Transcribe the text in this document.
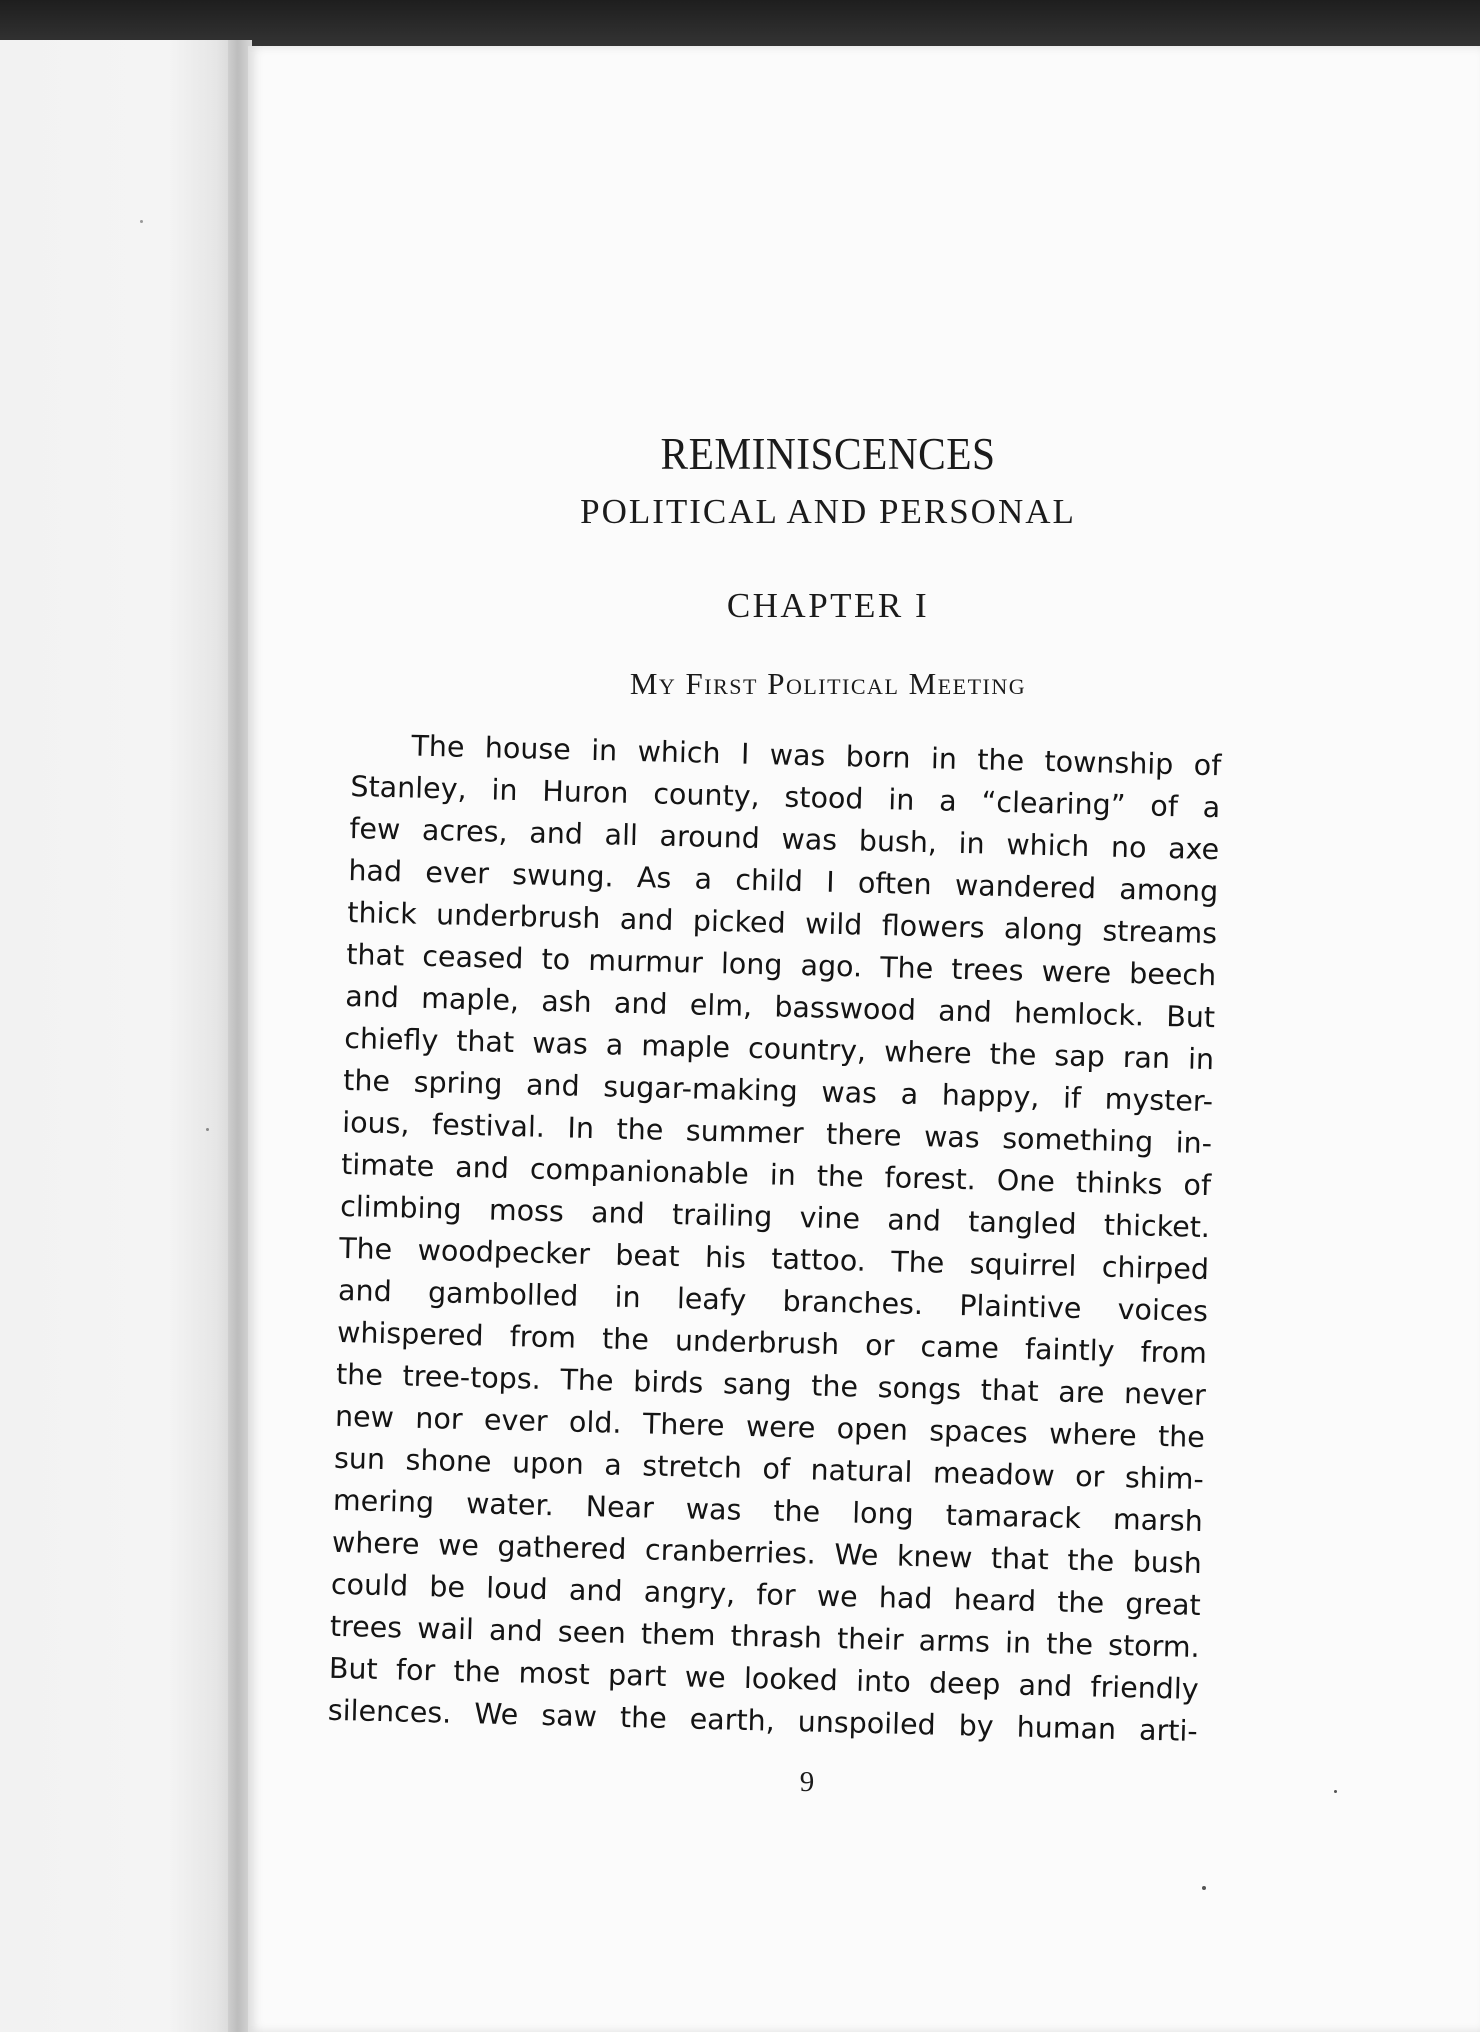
REMINISCENCES
POLITICAL AND PERSONAL
CHAPTER I
My First Political Meeting
The house in which I was born in the township of
Stanley, in Huron county, stood in a “clearing” of a
few acres, and all around was bush, in which no axe
had ever swung. As a child I often wandered among
thick underbrush and picked wild flowers along streams
that ceased to murmur long ago. The trees were beech
and maple, ash and elm, basswood and hemlock. But
chiefly that was a maple country, where the sap ran in
the spring and sugar-making was a happy, if myster-
ious, festival. In the summer there was something in-
timate and companionable in the forest. One thinks of
climbing moss and trailing vine and tangled thicket.
The woodpecker beat his tattoo. The squirrel chirped
and gambolled in leafy branches. Plaintive voices
whispered from the underbrush or came faintly from
the tree-tops. The birds sang the songs that are never
new nor ever old. There were open spaces where the
sun shone upon a stretch of natural meadow or shim-
mering water. Near was the long tamarack marsh
where we gathered cranberries. We knew that the bush
could be loud and angry, for we had heard the great
trees wail and seen them thrash their arms in the storm.
But for the most part we looked into deep and friendly
silences. We saw the earth, unspoiled by human arti-
9
